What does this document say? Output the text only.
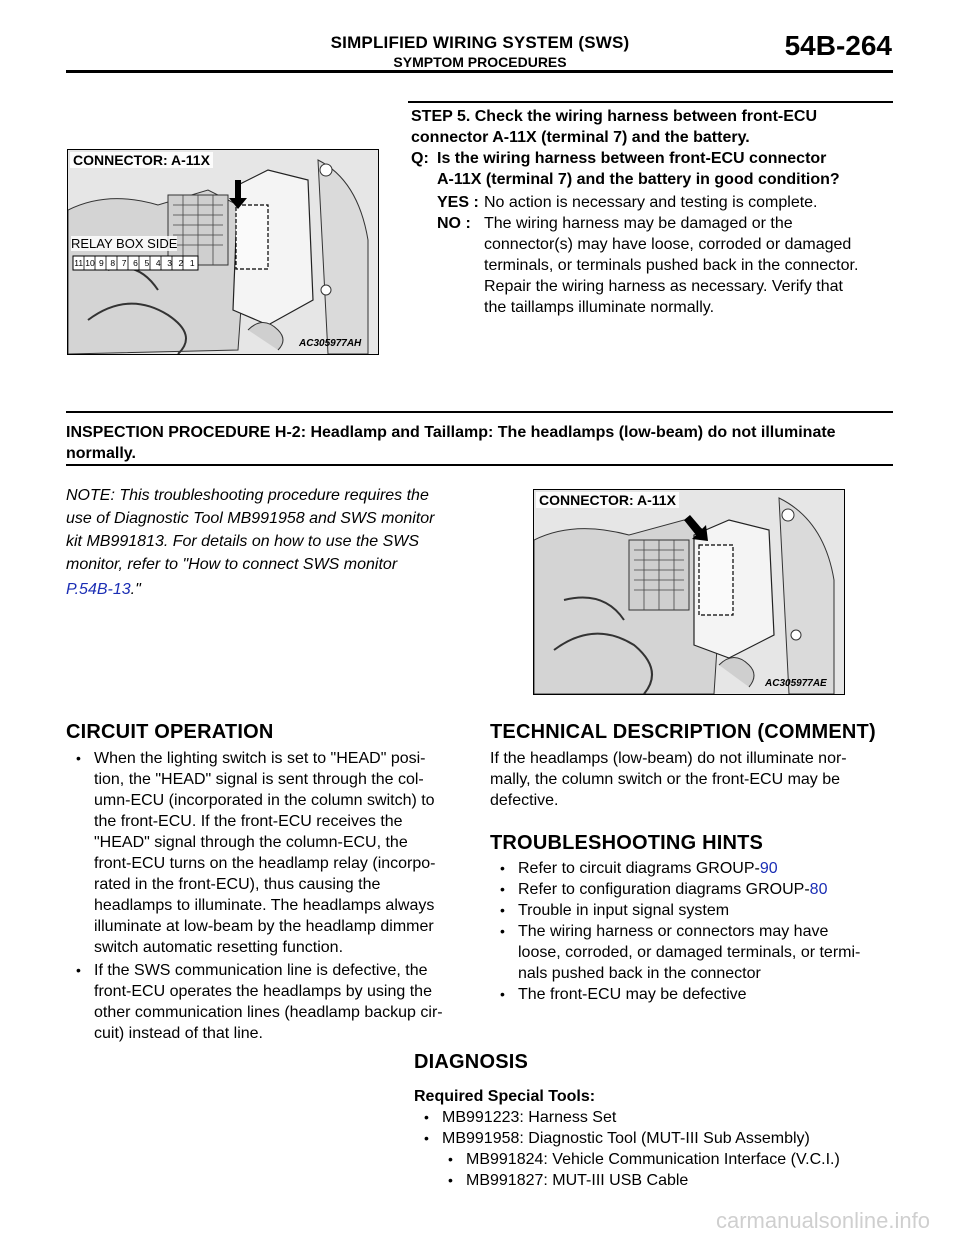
SIMPLIFIED WIRING SYSTEM (SWS)
SYMPTOM PROCEDURES
54B-264
STEP 5. Check the wiring harness between front-ECU
connector A-11X (terminal 7) and the battery.
Q: Is the wiring harness between front-ECU connector
A-11X (terminal 7) and the battery in good condition?
YES : No action is necessary and testing is complete.
NO : The wiring harness may be damaged or the
connector(s) may have loose, corroded or damaged
terminals, or terminals pushed back in the connector.
Repair the wiring harness as necessary. Verify that
the taillamps illuminate normally.
CONNECTOR: A-11X
RELAY BOX SIDE
11 10 9 8 7 6 5 4 3 2 1
AC305977AH
INSPECTION PROCEDURE H-2: Headlamp and Taillamp: The headlamps (low-beam) do not illuminate
normally.
NOTE: This troubleshooting procedure requires the
use of Diagnostic Tool MB991958 and SWS monitor
kit MB991813. For details on how to use the SWS
monitor, refer to "How to connect SWS monitor
P.54B-13."
CONNECTOR: A-11X
AC305977AE
CIRCUIT OPERATION
• When the lighting switch is set to "HEAD" posi-
tion, the "HEAD" signal is sent through the col-
umn-ECU (incorporated in the column switch) to
the front-ECU. If the front-ECU receives the
"HEAD" signal through the column-ECU, the
front-ECU turns on the headlamp relay (incorpo-
rated in the front-ECU), thus causing the
headlamps to illuminate. The headlamps always
illuminate at low-beam by the headlamp dimmer
switch automatic resetting function.
• If the SWS communication line is defective, the
front-ECU operates the headlamps by using the
other communication lines (headlamp backup cir-
cuit) instead of that line.
TECHNICAL DESCRIPTION (COMMENT)
If the headlamps (low-beam) do not illuminate nor-
mally, the column switch or the front-ECU may be
defective.
TROUBLESHOOTING HINTS
• Refer to circuit diagrams GROUP-90
• Refer to configuration diagrams GROUP-80
• Trouble in input signal system
• The wiring harness or connectors may have
loose, corroded, or damaged terminals, or termi-
nals pushed back in the connector
• The front-ECU may be defective
DIAGNOSIS
Required Special Tools:
• MB991223: Harness Set
• MB991958: Diagnostic Tool (MUT-III Sub Assembly)
• MB991824: Vehicle Communication Interface (V.C.I.)
• MB991827: MUT-III USB Cable
carmanualsonline.info
